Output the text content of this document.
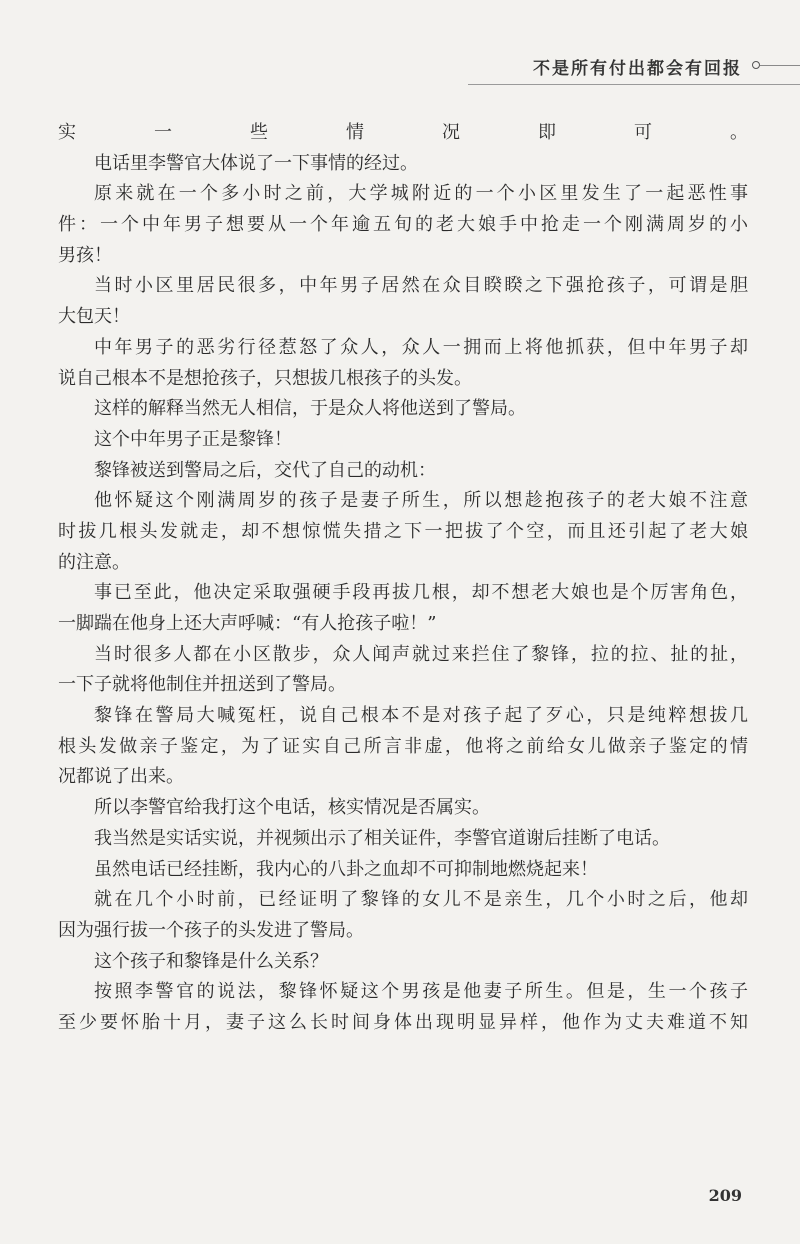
不是所有付出都会有回报
实一些情况即可。
电话里李警官大体说了一下事情的经过。
原来就在一个多小时之前，大学城附近的一个小区里发生了一起恶性事
件：一个中年男子想要从一个年逾五旬的老大娘手中抢走一个刚满周岁的小
男孩！
当时小区里居民很多，中年男子居然在众目睽睽之下强抢孩子，可谓是胆
大包天！
中年男子的恶劣行径惹怒了众人，众人一拥而上将他抓获，但中年男子却
说自己根本不是想抢孩子，只想拔几根孩子的头发。
这样的解释当然无人相信，于是众人将他送到了警局。
这个中年男子正是黎锋！
黎锋被送到警局之后，交代了自己的动机：
他怀疑这个刚满周岁的孩子是妻子所生，所以想趁抱孩子的老大娘不注意
时拔几根头发就走，却不想惊慌失措之下一把拔了个空，而且还引起了老大娘
的注意。
事已至此，他决定采取强硬手段再拔几根，却不想老大娘也是个厉害角色，
一脚踹在他身上还大声呼喊：“有人抢孩子啦！”
当时很多人都在小区散步，众人闻声就过来拦住了黎锋，拉的拉、扯的扯，
一下子就将他制住并扭送到了警局。
黎锋在警局大喊冤枉，说自己根本不是对孩子起了歹心，只是纯粹想拔几
根头发做亲子鉴定，为了证实自己所言非虚，他将之前给女儿做亲子鉴定的情
况都说了出来。
所以李警官给我打这个电话，核实情况是否属实。
我当然是实话实说，并视频出示了相关证件，李警官道谢后挂断了电话。
虽然电话已经挂断，我内心的八卦之血却不可抑制地燃烧起来！
就在几个小时前，已经证明了黎锋的女儿不是亲生，几个小时之后，他却
因为强行拔一个孩子的头发进了警局。
这个孩子和黎锋是什么关系？
按照李警官的说法，黎锋怀疑这个男孩是他妻子所生。但是，生一个孩子
至少要怀胎十月，妻子这么长时间身体出现明显异样，他作为丈夫难道不知
209
